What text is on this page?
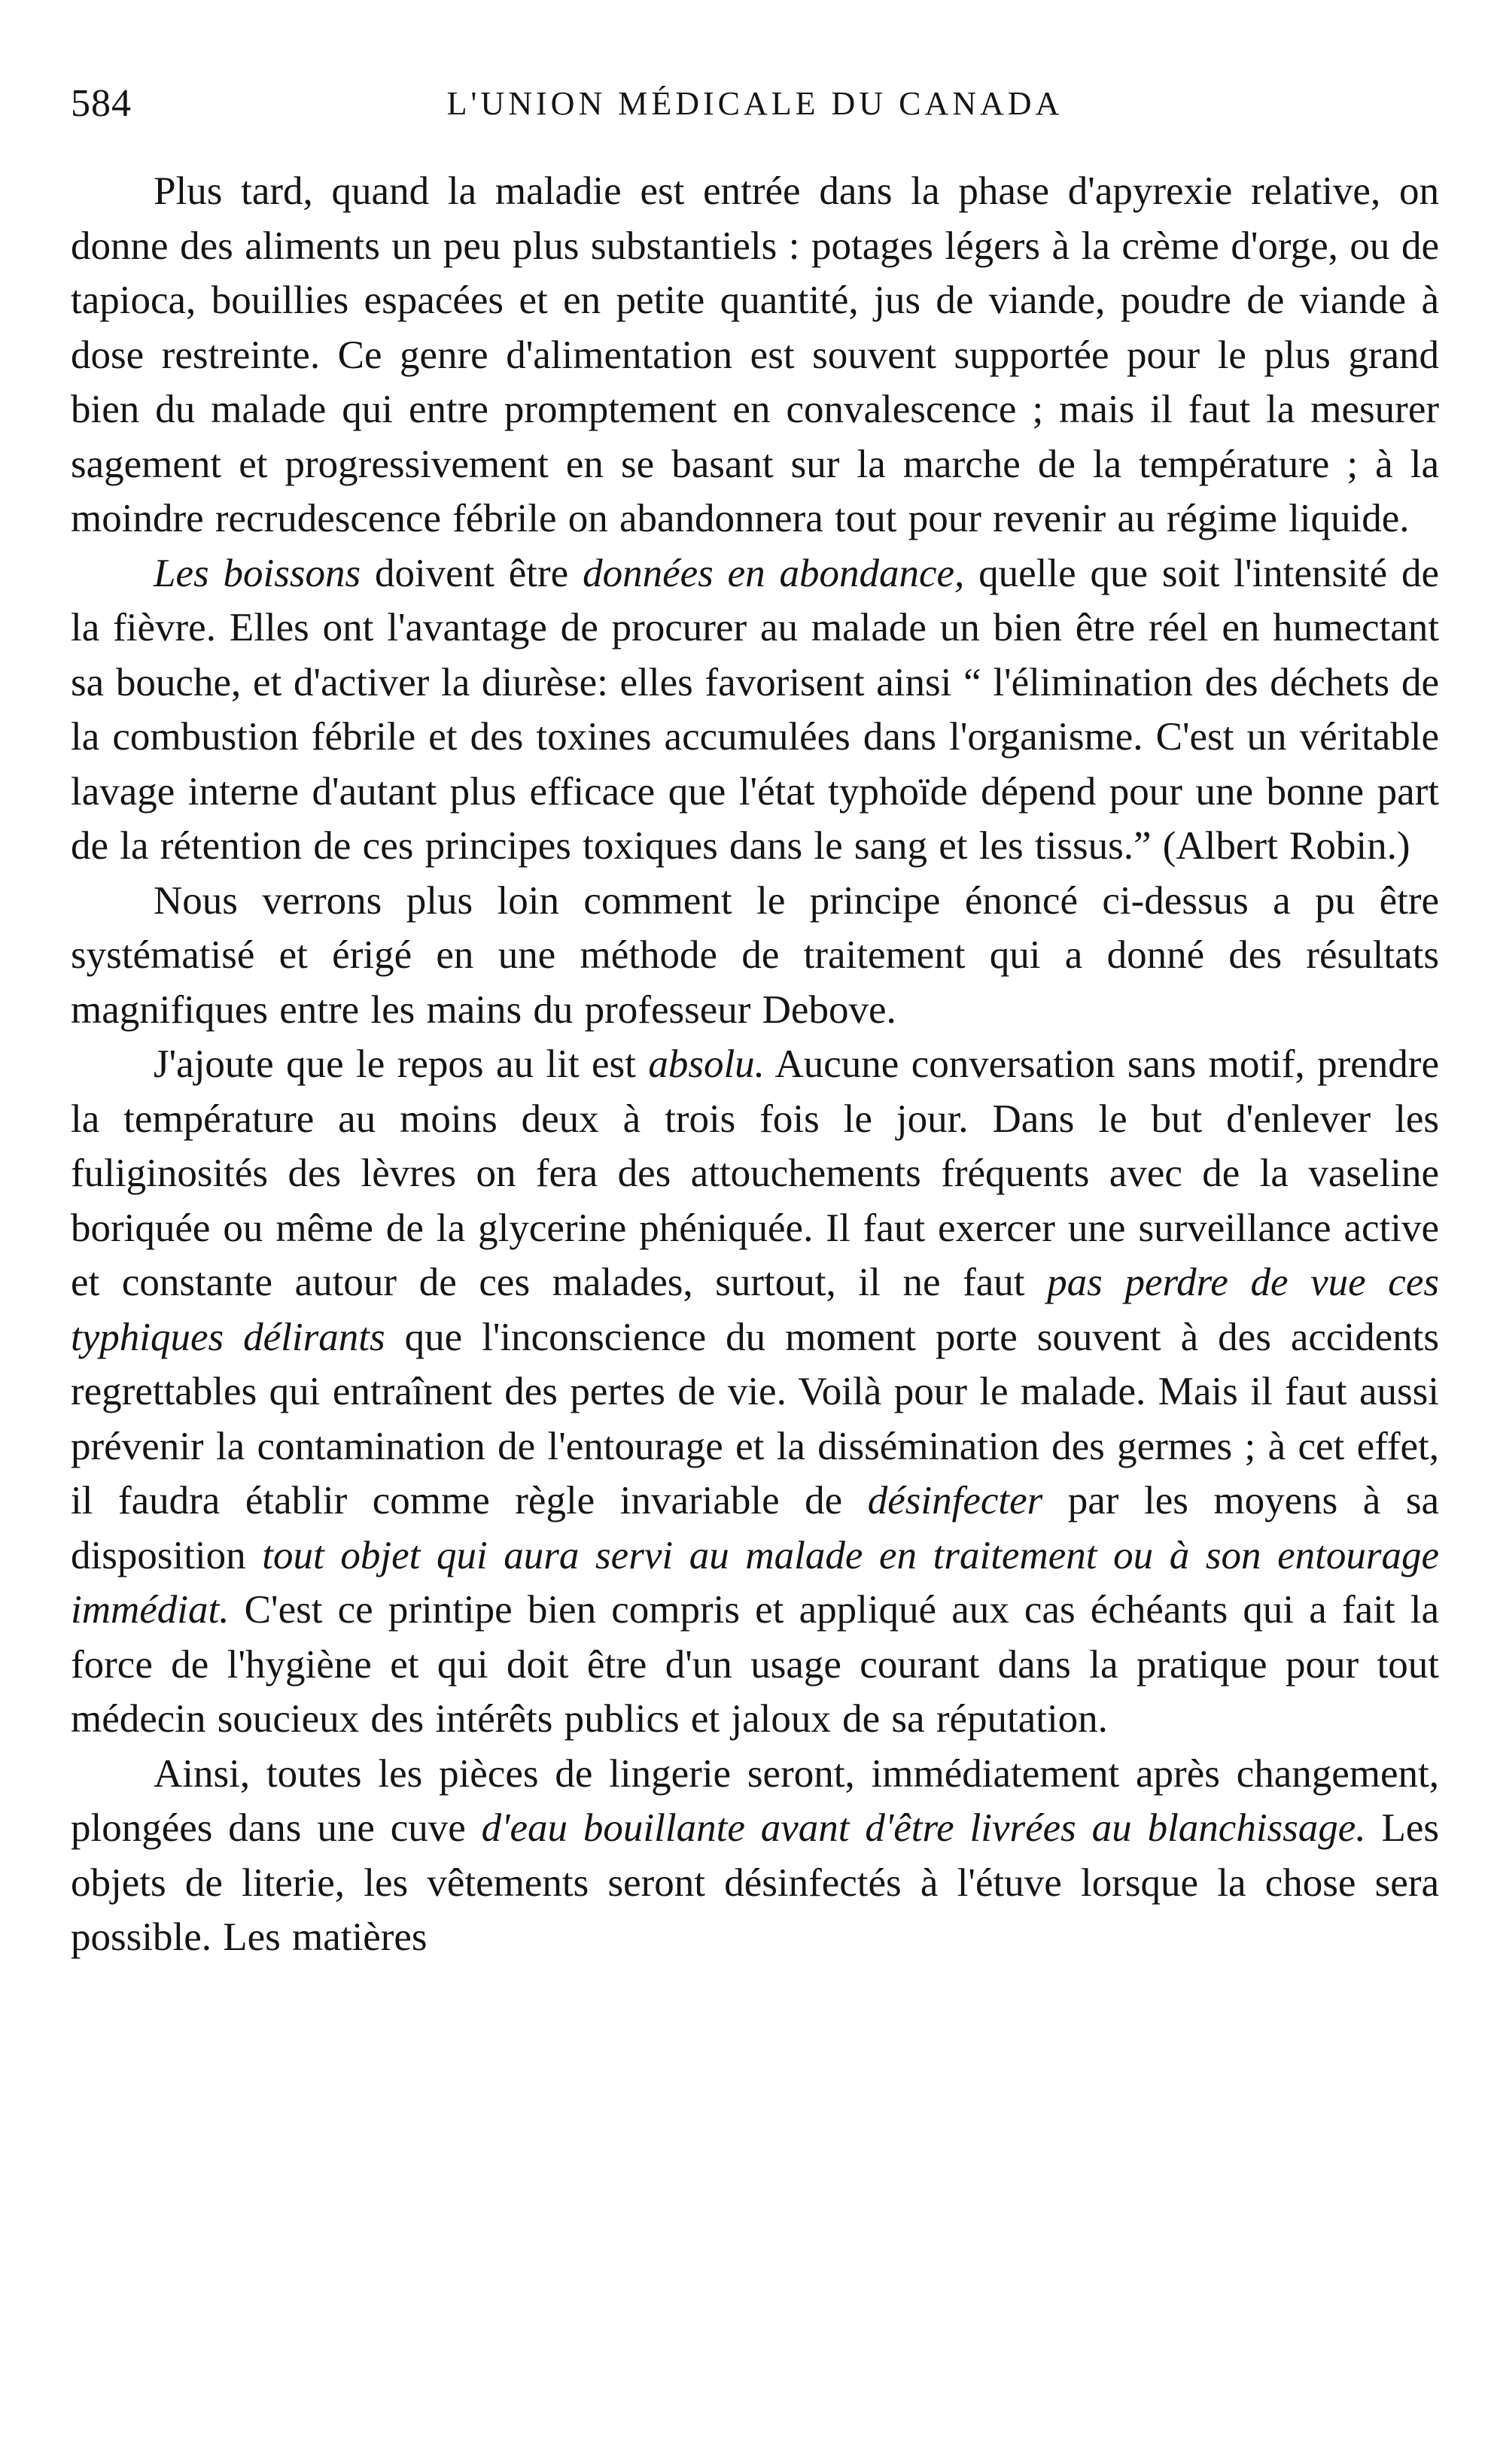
584	L'UNION MÉDICALE DU CANADA

Plus tard, quand la maladie est entrée dans la phase d'apyrexie relative, on donne des aliments un peu plus substantiels : potages légers à la crème d'orge, ou de tapioca, bouillies espacées et en petite quantité, jus de viande, poudre de viande à dose restreinte. Ce genre d'alimentation est souvent supportée pour le plus grand bien du malade qui entre promptement en convalescence ; mais il faut la mesurer sagement et progressivement en se basant sur la marche de la température ; à la moindre recrudescence fébrile on abandonnera tout pour revenir au régime liquide.

Les boissons doivent être données en abondance, quelle que soit l'intensité de la fièvre. Elles ont l'avantage de procurer au malade un bien être réel en humectant sa bouche, et d'activer la diurèse: elles favorisent ainsi “ l'élimination des déchets de la combustion fébrile et des toxines accumulées dans l'organisme. C'est un véritable lavage interne d'autant plus efficace que l'état typhoïde dépend pour une bonne part de la rétention de ces principes toxiques dans le sang et les tissus.” (Albert Robin.)

Nous verrons plus loin comment le principe énoncé ci-dessus a pu être systématisé et érigé en une méthode de traitement qui a donné des résultats magnifiques entre les mains du professeur Debove.

J'ajoute que le repos au lit est absolu. Aucune conversation sans motif, prendre la température au moins deux à trois fois le jour. Dans le but d'enlever les fuliginosités des lèvres on fera des attouchements fréquents avec de la vaseline boriquée ou même de la glycerine phéniquée. Il faut exercer une surveillance active et constante autour de ces malades, surtout, il ne faut pas perdre de vue ces typhiques délirants que l'inconscience du moment porte souvent à des accidents regrettables qui entraînent des pertes de vie. Voilà pour le malade. Mais il faut aussi prévenir la contamination de l'entourage et la dissémination des germes ; à cet effet, il faudra établir comme règle invariable de désinfecter par les moyens à sa disposition tout objet qui aura servi au malade en traitement ou à son entourage immédiat. C'est ce printipe bien compris et appliqué aux cas échéants qui a fait la force de l'hygiène et qui doit être d'un usage courant dans la pratique pour tout médecin soucieux des intérêts publics et jaloux de sa réputation.

Ainsi, toutes les pièces de lingerie seront, immédiatement après changement, plongées dans une cuve d'eau bouillante avant d'être livrées au blanchissage. Les objets de literie, les vêtements seront désinfectés à l'étuve lorsque la chose sera possible. Les matières
